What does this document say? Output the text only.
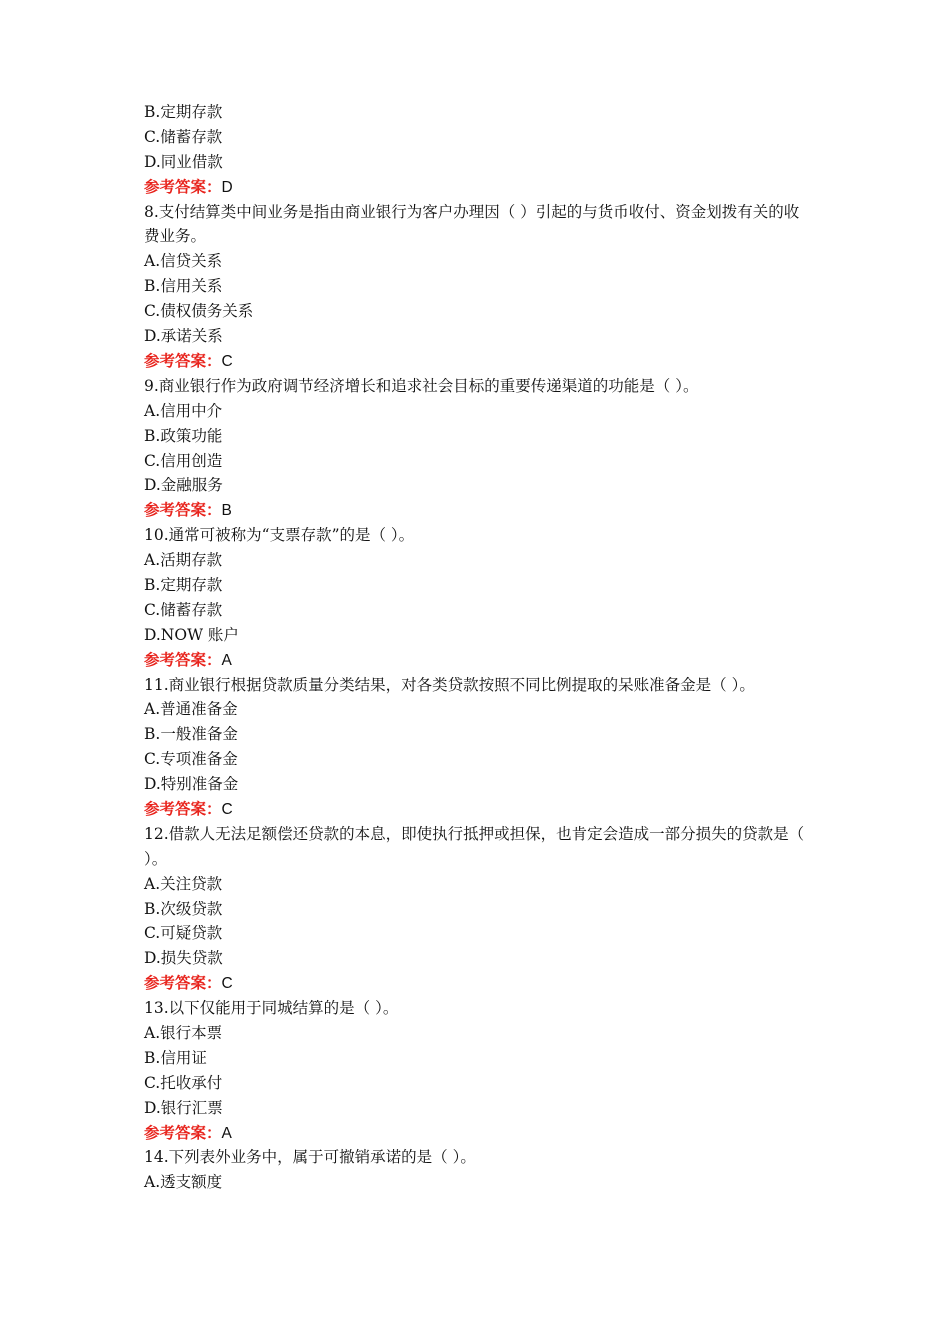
B.定期存款
C.储蓄存款
D.同业借款
参考答案：D
8.支付结算类中间业务是指由商业银行为客户办理因（ ）引起的与货币收付、资金划拨有关的收费业务。
A.信贷关系
B.信用关系
C.债权债务关系
D.承诺关系
参考答案：C
9.商业银行作为政府调节经济增长和追求社会目标的重要传递渠道的功能是（ ）。
A.信用中介
B.政策功能
C.信用创造
D.金融服务
参考答案：B
10.通常可被称为“支票存款”的是（ ）。
A.活期存款
B.定期存款
C.储蓄存款
D.NOW 账户
参考答案：A
11.商业银行根据贷款质量分类结果，对各类贷款按照不同比例提取的呆账准备金是（ ）。
A.普通准备金
B.一般准备金
C.专项准备金
D.特别准备金
参考答案：C
12.借款人无法足额偿还贷款的本息，即使执行抵押或担保，也肯定会造成一部分损失的贷款是（ ）。
A.关注贷款
B.次级贷款
C.可疑贷款
D.损失贷款
参考答案：C
13.以下仅能用于同城结算的是（ ）。
A.银行本票
B.信用证
C.托收承付
D.银行汇票
参考答案：A
14.下列表外业务中，属于可撤销承诺的是（ ）。
A.透支额度
